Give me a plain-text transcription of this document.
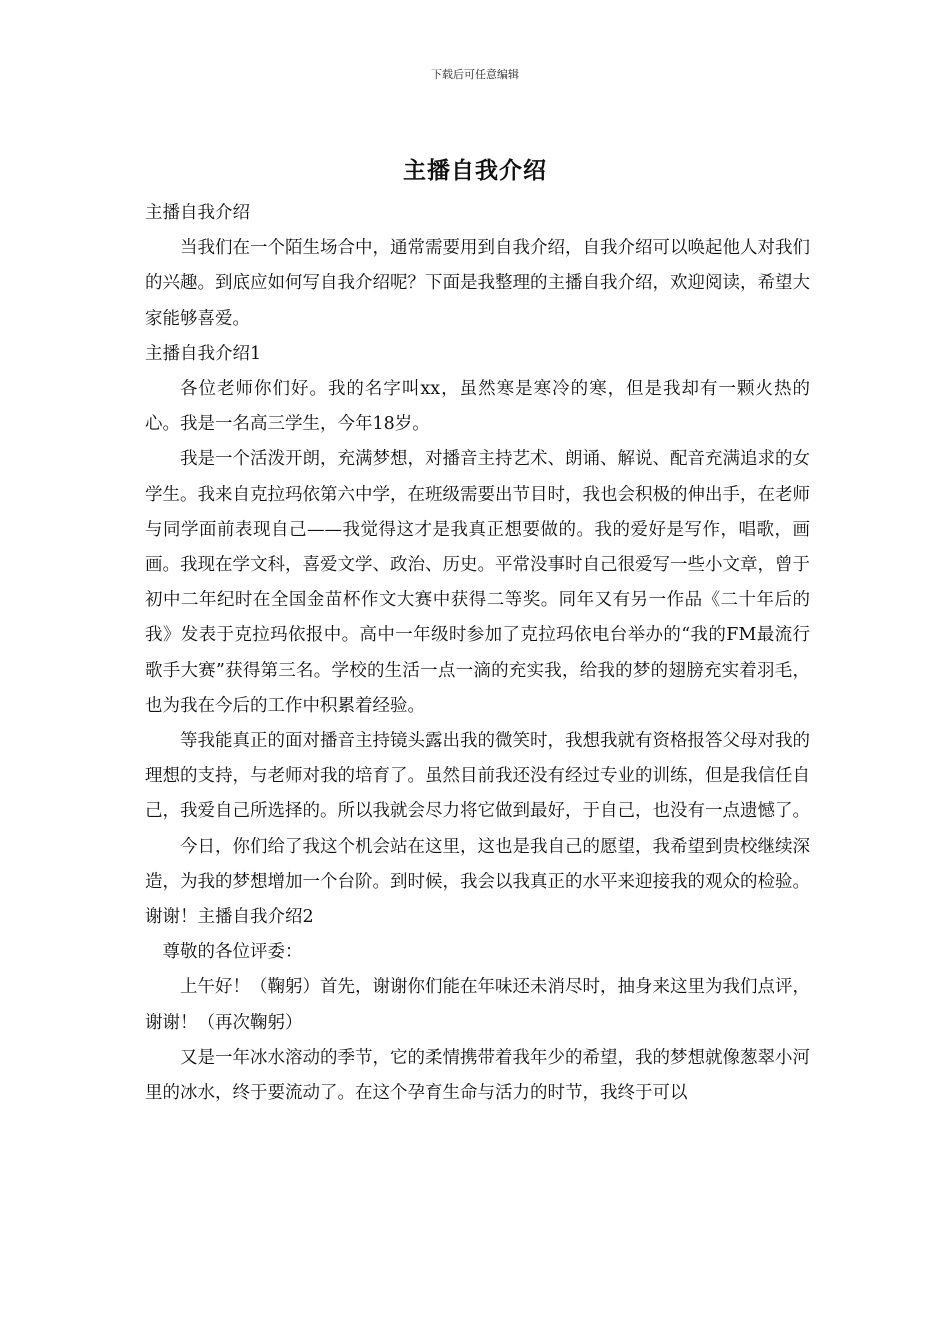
下载后可任意编辑
主播自我介绍

主播自我介绍

当我们在一个陌生场合中，通常需要用到自我介绍，自我介绍可以唤起他人对我们的兴趣。到底应如何写自我介绍呢？下面是我整理的主播自我介绍，欢迎阅读，希望大家能够喜爱。

主播自我介绍1

各位老师你们好。我的名字叫xx，虽然寒是寒冷的寒，但是我却有一颗火热的心。我是一名高三学生，今年18岁。

我是一个活泼开朗，充满梦想，对播音主持艺术、朗诵、解说、配音充满追求的女学生。我来自克拉玛依第六中学，在班级需要出节目时，我也会积极的伸出手，在老师与同学面前表现自己——我觉得这才是我真正想要做的。我的爱好是写作，唱歌，画画。我现在学文科，喜爱文学、政治、历史。平常没事时自己很爱写一些小文章，曾于初中二年纪时在全国金苗杯作文大赛中获得二等奖。同年又有另一作品《二十年后的我》发表于克拉玛依报中。高中一年级时参加了克拉玛依电台举办的“我的FM最流行歌手大赛”获得第三名。学校的生活一点一滴的充实我，给我的梦的翅膀充实着羽毛，也为我在今后的工作中积累着经验。

等我能真正的面对播音主持镜头露出我的微笑时，我想我就有资格报答父母对我的理想的支持，与老师对我的培育了。虽然目前我还没有经过专业的训练，但是我信任自己，我爱自己所选择的。所以我就会尽力将它做到最好，于自己，也没有一点遗憾了。

今日，你们给了我这个机会站在这里，这也是我自己的愿望，我希望到贵校继续深造，为我的梦想增加一个台阶。到时候，我会以我真正的水平来迎接我的观众的检验。谢谢！主播自我介绍2

尊敬的各位评委：

上午好！（鞠躬）首先，谢谢你们能在年味还未消尽时，抽身来这里为我们点评，谢谢！（再次鞠躬）

又是一年冰水溶动的季节，它的柔情携带着我年少的希望，我的梦想就像葱翠小河里的冰水，终于要流动了。在这个孕育生命与活力的时节，我终于可以
